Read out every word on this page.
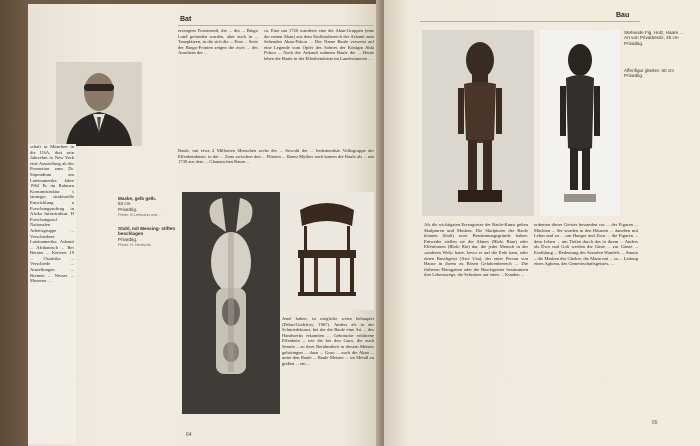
Bat
schaft in München in die USA, dort sein Jahrzehnt in New York eine Ausstellung ab der Promotion zum Dr. Stipendium am Lateinamerika Jahre 1962 Er im Rahmen Konsumstruktur s strategie, strukturelle Entwicklung u Forschungsauftrag in Afrika Infrastruktur. H Forschungsauf Nationalen Arbeitsgruppe ... Verschiedene Lateinamerika Ashanti ... Afrikanisch ... Ber Berater ... Ketterer 19 ... Ostafrika ... Verschiede ... Austellungen ... Bremen ... Nesser ... Museum ...
erzeugten Fonotenstil, die ... des ... Bingo Land gefunden wurden, aber auch in ... Tanzplätzen, in die sich die ... Eine ... Seite der Bingo-Fronten zeigen die zwei ... des Ansehens der ...
ca. Eine um 1720 wanderte eine der Akan-Gruppen (eine der neuen Akan) aus dem Einflussbereich der Ashanti zum Sehenden Akan-Pokou ... Der Name Baule verweist auf eine Legende vom Opfer des Sohnes der Königin Abla Pokou ... Nach der Ankunft nahmen Baule die ... Heute leben die Baule in der Elfenbeinküste im Landesinneren ...
Baule, mit etwa 2 Millionen Menschen sechs der ... Sowohl der ... bedeutendste Volksgruppe der Elfenbeinküste, in der ... Zone zwischen den ... Flüssen ... Ihrem Mythos nach kamen die Baule als ... um 1730 aus dem ... Ghanaischen Raum ...
Maske, gelb gelb.
83 cm
Privatbig.
Photo: R.Lehmann und ...
Stuhl, mit Messing- stiften beschlagen
Privatbig.
Photo: H. Hentschk
Jemé haben, ist mögliche weise behauptet (Delan/Godefroy, 1967). Anders als in der Schmiedekunst, bei der die Baule eine Art ... des Handwerks erkannten ... Gebräuche erfahrene Elfenbein – wie die bei den Guro, die auch Senufo – zu ihrer Berühmtheit in diesem Meister gehöringen ... dazu ... Guro ... auch die Akan ... unter den Baule ... Baule Meister ... im Metall zu gießen ... ein ...
64
Bau
Stehende Fig. Holz, Haare ... Art von Privatbesitz, 45 cm Privatbig.
Affenfigur gbekre. 50 cm Privatbig.
Als die wichtigsten Erzeugnisse der Baule-Kunst gelten Skulpturen und Masken. Die Skulpturen der Baule können (bloß) zwei Bestimmungsgründe haben: Entweder stellen sie die Ahnen (Blolo Bian) oder Elfenfrauen (Blolo Bla) dar, die jeder Mensch in der »anderen Welt« hatte, bevor er auf die Erde kam, oder einen Buschgeist (Asie Usu), der einer Person von Hause in ihrem zu Bösen Gefahrenbereich ... Die früheren Ebengatten oder die Buschgeister bestimmten ihre Lebenswege, die Schnitzer auf eines ... Kunden ...
ordneten dieser Geister bestanden vor ... der Figuren ... Mächten ... Sie wurden in den Häusern ... daneben mit Lehm und zu ... um Hunger und Zorn ... die Figuren ... dem Leben ... um Tiefen durch das in ihrem ... Anders als Dwo und Goli werden die Gäste ... zur Gänze ... Erzählung ... Bedeutung des Sozialen Wandels ... Amuin – die Masken des Gbekre, die Mann mit ... in ... Leitung eines Agbona, des Gemeinschaftsgeistes, ...
65
